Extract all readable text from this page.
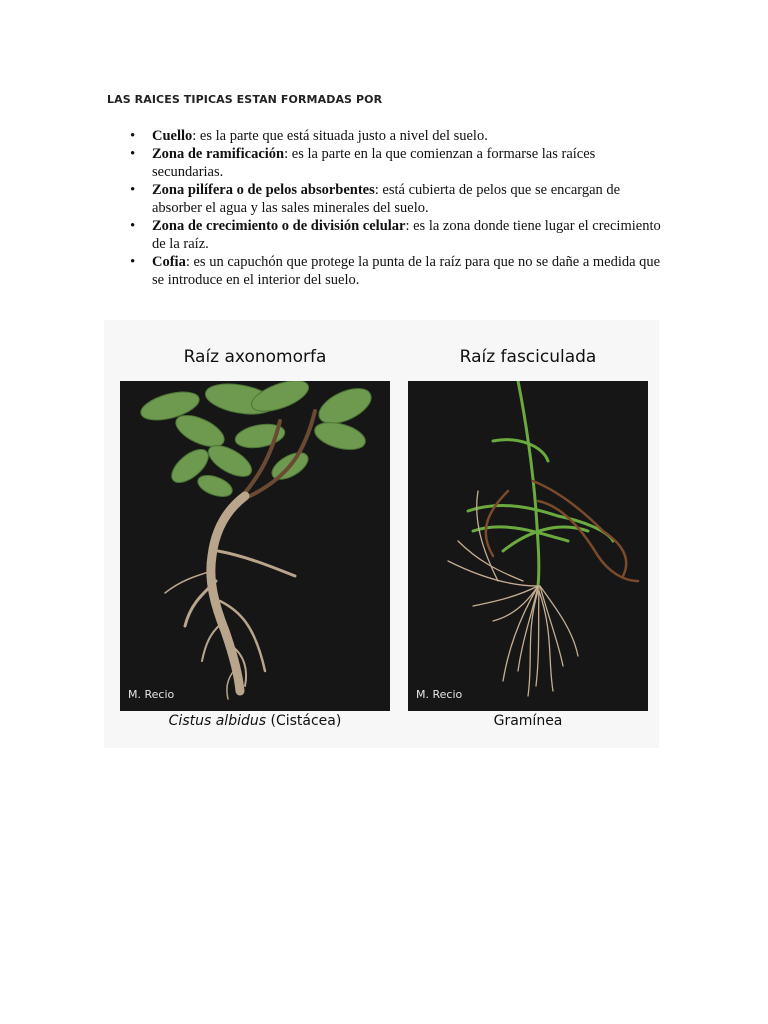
LAS RAICES TIPICAS ESTAN FORMADAS POR
• Cuello: es la parte que está situada justo a nivel del suelo.
• Zona de ramificación: es la parte en la que comienzan a formarse las raíces secundarias.
• Zona pilífera o de pelos absorbentes: está cubierta de pelos que se encargan de absorber el agua y las sales minerales del suelo.
• Zona de crecimiento o de división celular: es la zona donde tiene lugar el crecimiento de la raíz.
• Cofia: es un capuchón que protege la punta de la raíz para que no se dañe a medida que se introduce en el interior del suelo.
Raíz axonomorfa	Raíz fasciculada
M. Recio	M. Recio
Cistus albidus (Cistácea)	Gramínea
